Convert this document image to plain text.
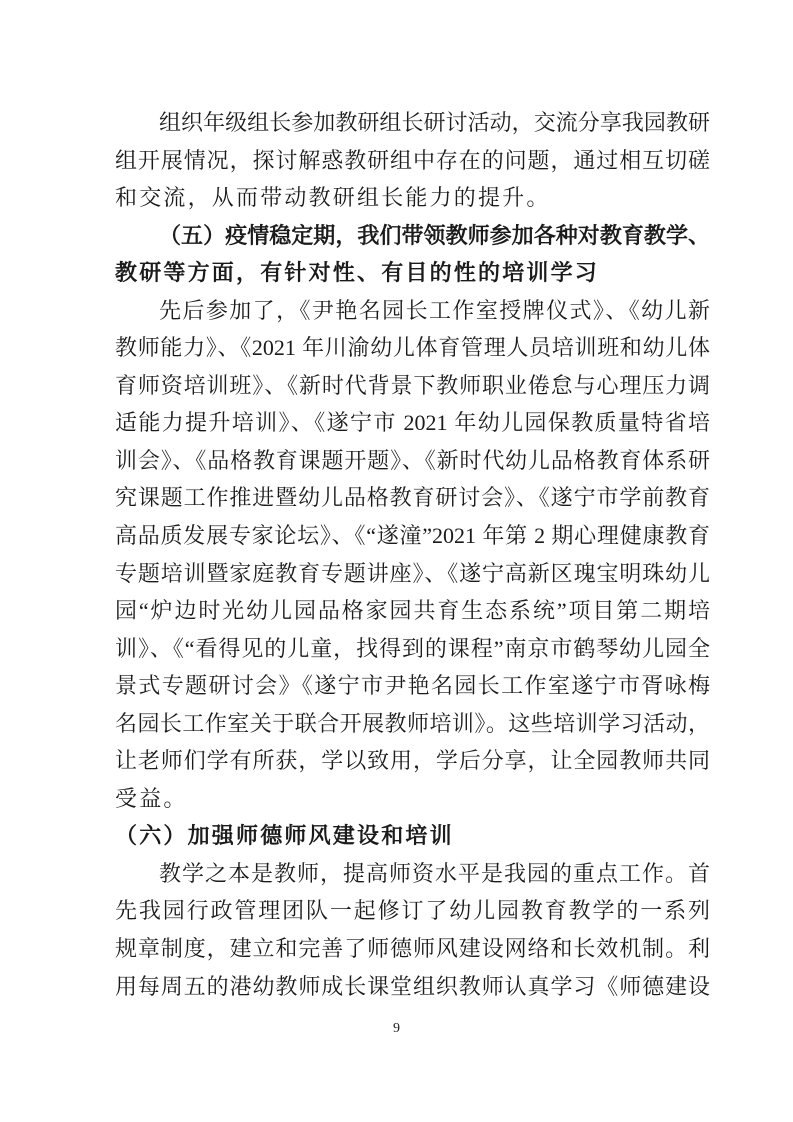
组织年级组长参加教研组长研讨活动，交流分享我园教研
组开展情况，探讨解惑教研组中存在的问题，通过相互切磋
和交流，从而带动教研组长能力的提升。
（五）疫情稳定期，我们带领教师参加各种对教育教学、
教研等方面，有针对性、有目的性的培训学习
先后参加了，《尹艳名园长工作室授牌仪式》、《幼儿新
教师能力》、《2021 年川渝幼儿体育管理人员培训班和幼儿体
育师资培训班》、《新时代背景下教师职业倦怠与心理压力调
适能力提升培训》、《遂宁市 2021 年幼儿园保教质量特省培
训会》、《品格教育课题开题》、《新时代幼儿品格教育体系研
究课题工作推进暨幼儿品格教育研讨会》、《遂宁市学前教育
高品质发展专家论坛》、《“遂潼”2021 年第 2 期心理健康教育
专题培训暨家庭教育专题讲座》、《遂宁高新区瑰宝明珠幼儿
园“炉边时光幼儿园品格家园共育生态系统”项目第二期培
训》、《“看得见的儿童，找得到的课程”南京市鹤琴幼儿园全
景式专题研讨会》《遂宁市尹艳名园长工作室遂宁市胥咏梅
名园长工作室关于联合开展教师培训》。这些培训学习活动，
让老师们学有所获，学以致用，学后分享，让全园教师共同
受益。
（六）加强师德师风建设和培训
教学之本是教师，提高师资水平是我园的重点工作。首
先我园行政管理团队一起修订了幼儿园教育教学的一系列
规章制度，建立和完善了师德师风建设网络和长效机制。利
用每周五的港幼教师成长课堂组织教师认真学习《师德建设
9
